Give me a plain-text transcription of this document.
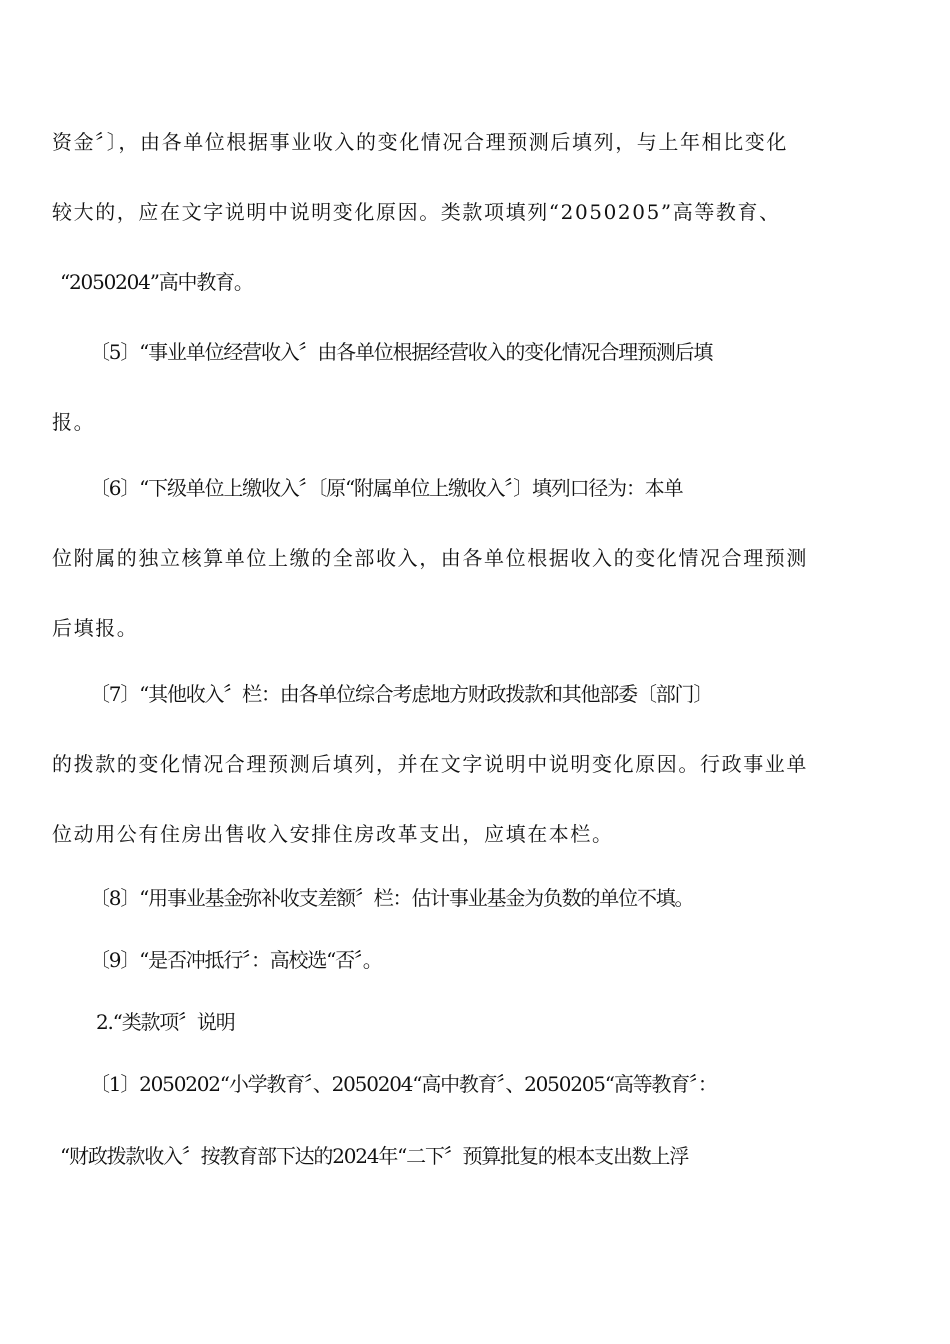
资金〞〕，由各单位根据事业收入的变化情况合理预测后填列，与上年相比变化
较大的，应在文字说明中说明变化原因。类款项填列“2050205”高等教育、
“2050204”高中教育。
〔5〕“事业单位经营收入〞由各单位根据经营收入的变化情况合理预测后填
报。
〔6〕“下级单位上缴收入〞〔原“附属单位上缴收入〞〕填列口径为：本单
位附属的独立核算单位上缴的全部收入，由各单位根据收入的变化情况合理预测
后填报。
〔7〕“其他收入〞栏：由各单位综合考虑地方财政拨款和其他部委〔部门〕
的拨款的变化情况合理预测后填列，并在文字说明中说明变化原因。行政事业单
位动用公有住房出售收入安排住房改革支出，应填在本栏。
〔8〕“用事业基金弥补收支差额〞栏：估计事业基金为负数的单位不填。
〔9〕“是否冲抵行〞：高校选“否〞。
2.“类款项〞说明
〔1〕2050202“小学教育〞、2050204“高中教育〞、2050205“高等教育〞：
“财政拨款收入〞按教育部下达的2024年“二下〞预算批复的根本支出数上浮
